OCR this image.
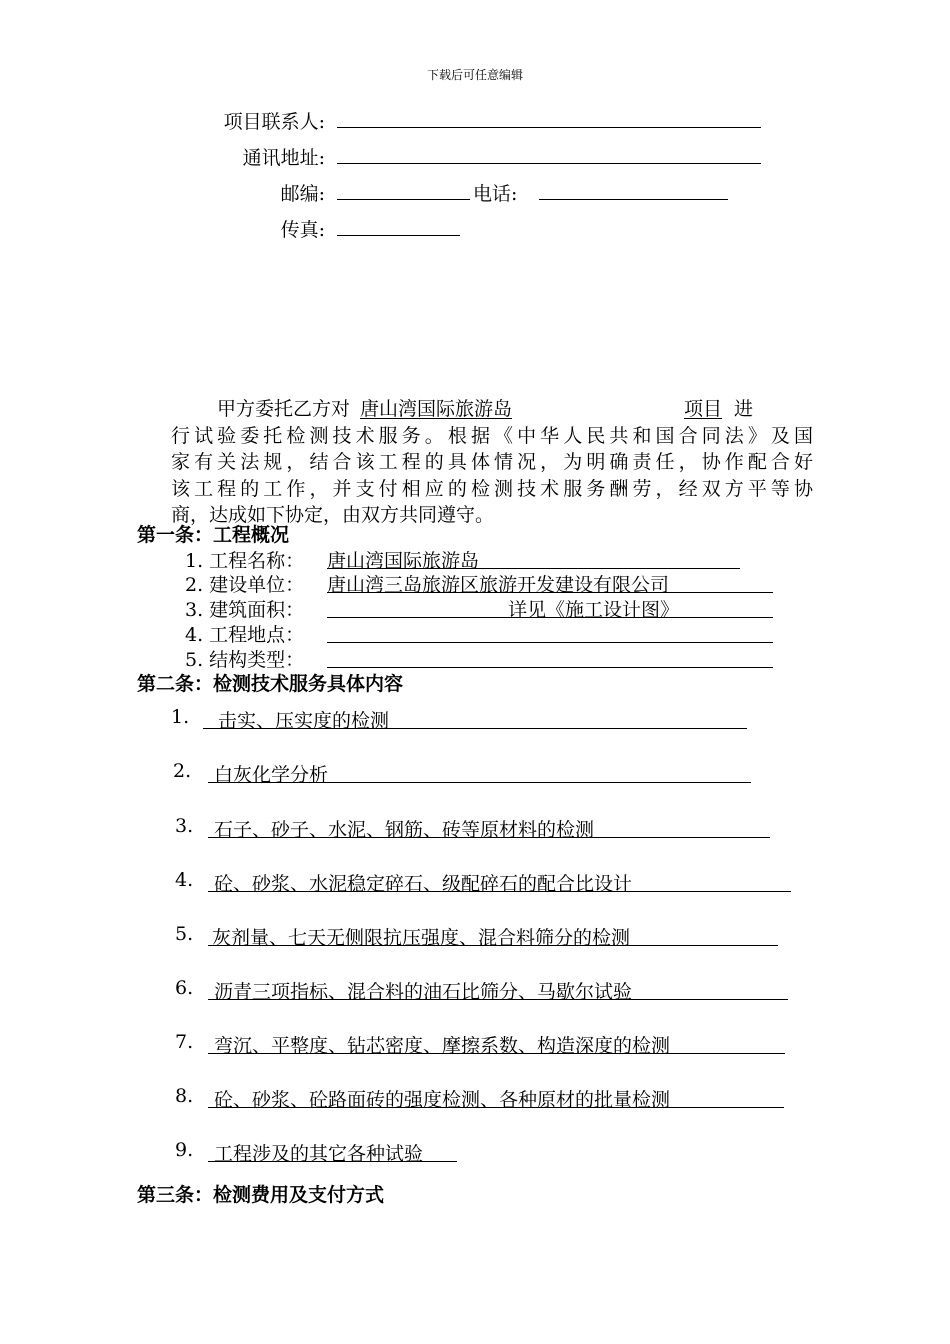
下载后可任意编辑
项目联系人:
通讯地址:
邮编:	电话:
传真:
甲方委托乙方对 唐山湾国际旅游岛	项目 进
行试验委托检测技术服务。根据《中华人民共和国合同法》及国
家有关法规，结合该工程的具体情况，为明确责任，协作配合好
该工程的工作，并支付相应的检测技术服务酬劳，经双方平等协
商，达成如下协定，由双方共同遵守。
第一条：工程概况
1. 工程名称： 唐山湾国际旅游岛
2. 建设单位： 唐山湾三岛旅游区旅游开发建设有限公司
3. 建筑面积：	详见《施工设计图》
4. 工程地点：
5. 结构类型：
第二条：检测技术服务具体内容
1. 击实、压实度的检测
2. 白灰化学分析
3. 石子、砂子、水泥、钢筋、砖等原材料的检测
4. 砼、砂浆、水泥稳定碎石、级配碎石的配合比设计
5. 灰剂量、七天无侧限抗压强度、混合料筛分的检测
6. 沥青三项指标、混合料的油石比筛分、马歇尔试验
7. 弯沉、平整度、钻芯密度、摩擦系数、构造深度的检测
8. 砼、砂浆、砼路面砖的强度检测、各种原材的批量检测
9. 工程涉及的其它各种试验
第三条：检测费用及支付方式
